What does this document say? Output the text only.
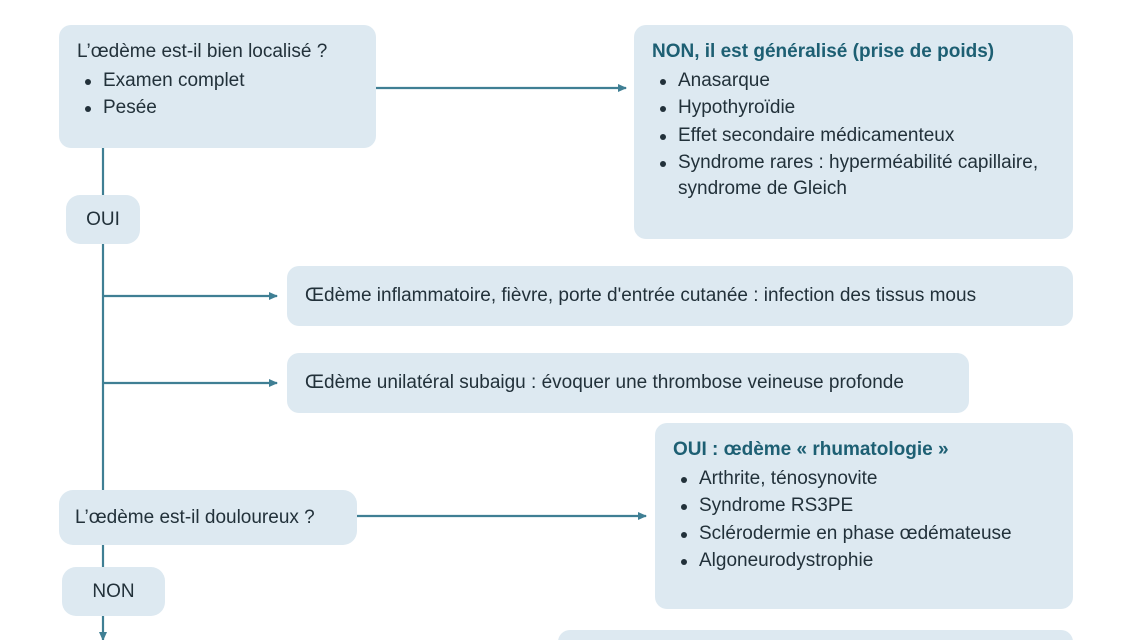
L’œdème est-il bien localisé ?
Examen complet
Pesée
OUI
NON, il est généralisé (prise de poids)
Anasarque
Hypothyroïdie
Effet secondaire médicamenteux
Syndrome rares : hyperméabilité capillaire, syndrome de Gleich
Œdème inflammatoire, fièvre, porte d'entrée cutanée : infection des tissus mous
Œdème unilatéral subaigu : évoquer une thrombose veineuse profonde
L’œdème est-il douloureux ?
OUI : œdème « rhumatologie »
Arthrite, ténosynovite
Syndrome RS3PE
Sclérodermie en phase œdémateuse
Algoneurodystrophie
NON
